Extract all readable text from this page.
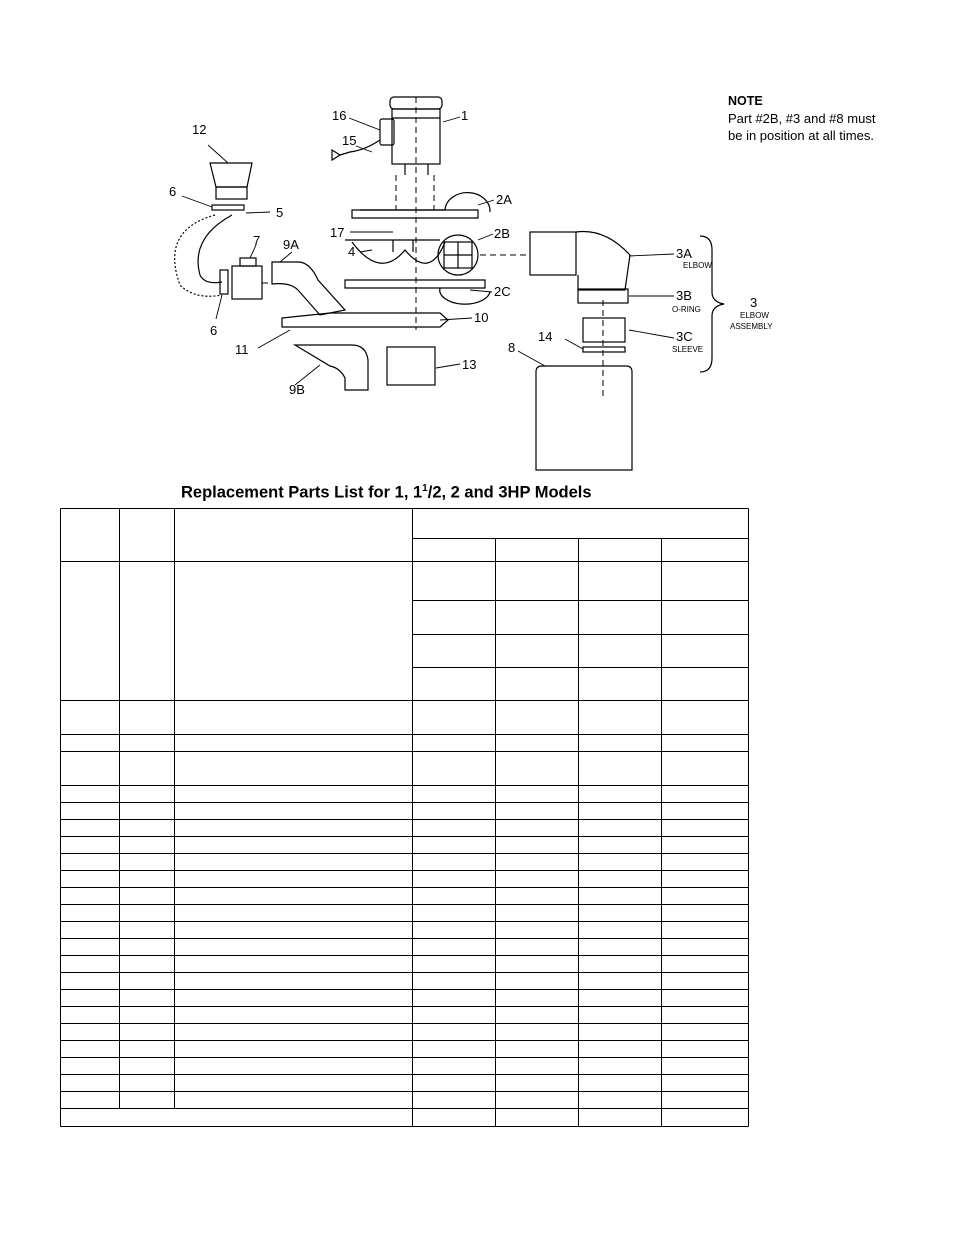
1
2A
2B
2C
3A
ELBOW
3B
O-RING
3C
SLEEVE
3
ELBOW
ASSEMBLY
4
5
6
6
7
8
9A
9B
10
11
12
13
14
15
16
17
NOTE
Part #2B, #3 and #8 must
be in position at all times.
Replacement Parts List for 1, $1^1/2$, 2 and 3HP Models
